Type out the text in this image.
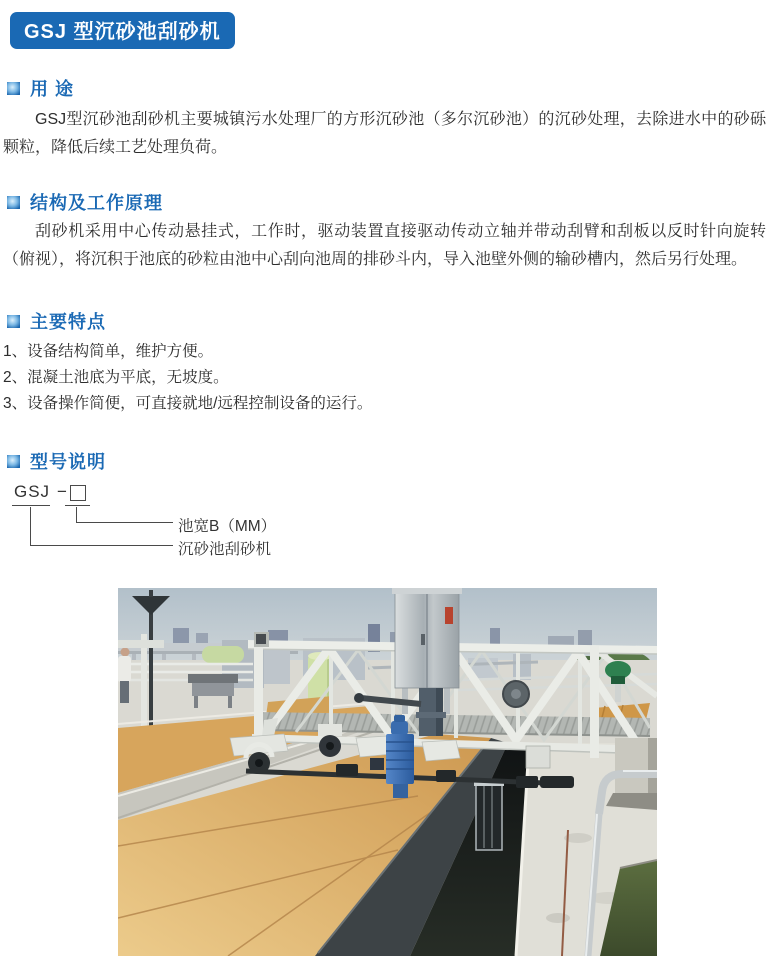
GSJ 型沉砂池刮砂机
用 途

GSJ型沉砂池刮砂机主要城镇污水处理厂的方形沉砂池（多尔沉砂池）的沉砂处理，去除进水中的砂砾颗粒，降低后续工艺处理负荷。

结构及工作原理

刮砂机采用中心传动悬挂式，工作时，驱动装置直接驱动传动立轴并带动刮臂和刮板以反时针向旋转（俯视），将沉积于池底的砂粒由池中心刮向池周的排砂斗内，导入池壁外侧的输砂槽内，然后另行处理。

主要特点
1、设备结构简单，维护方便。
2、混凝土池底为平底，无坡度。
3、设备操作简便，可直接就地/远程控制设备的运行。
型号说明
GSJ −
池宽B（MM）
沉砂池刮砂机
